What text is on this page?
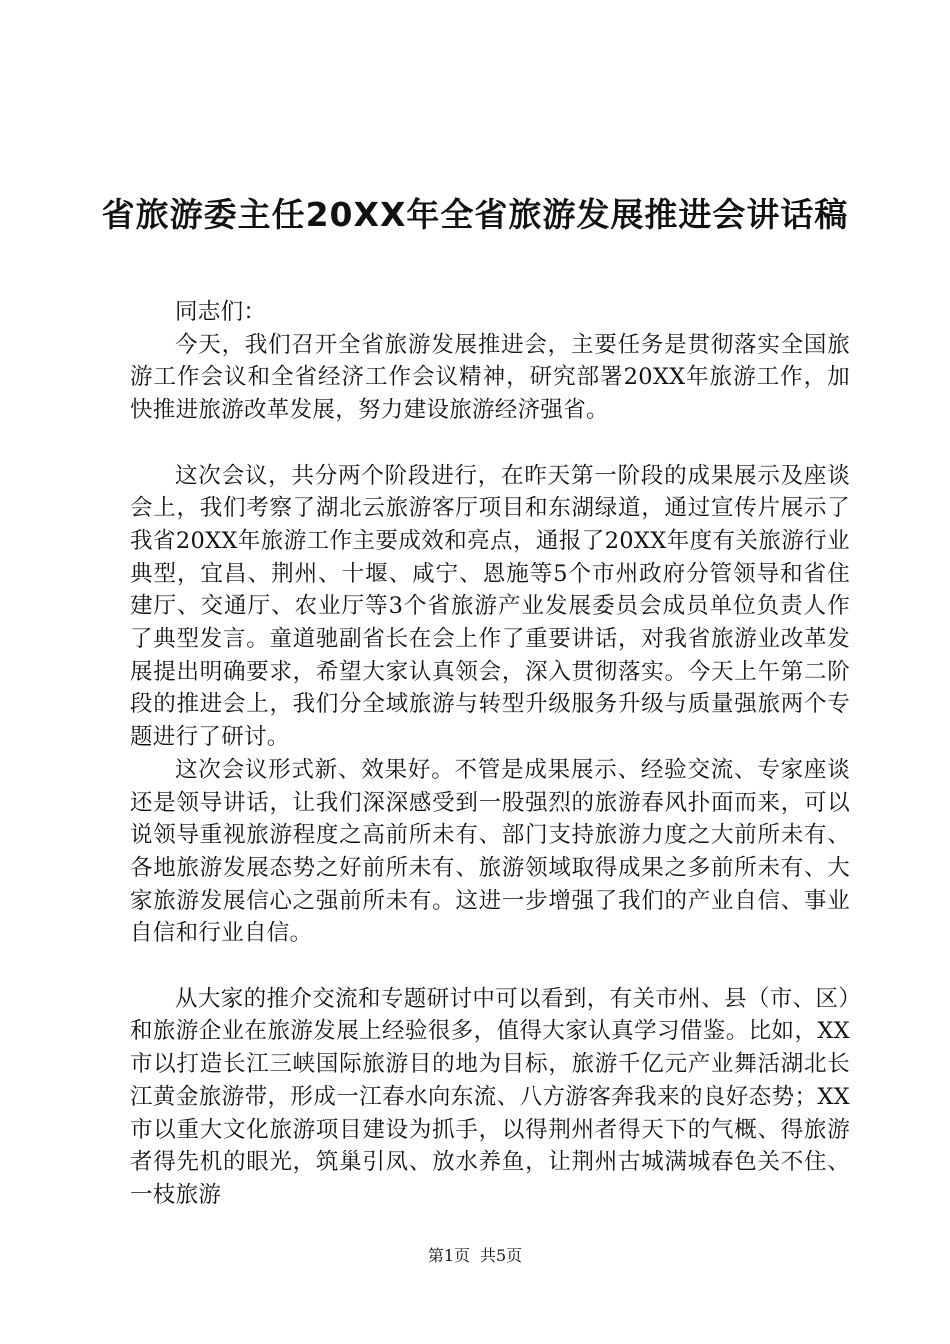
省旅游委主任20XX年全省旅游发展推进会讲话稿

同志们：

今天，我们召开全省旅游发展推进会，主要任务是贯彻落实全国旅游工作会议和全省经济工作会议精神，研究部署20XX年旅游工作，加快推进旅游改革发展，努力建设旅游经济强省。

这次会议，共分两个阶段进行，在昨天第一阶段的成果展示及座谈会上，我们考察了湖北云旅游客厅项目和东湖绿道，通过宣传片展示了我省20XX年旅游工作主要成效和亮点，通报了20XX年度有关旅游行业典型，宜昌、荆州、十堰、咸宁、恩施等5个市州政府分管领导和省住建厅、交通厅、农业厅等3个省旅游产业发展委员会成员单位负责人作了典型发言。童道驰副省长在会上作了重要讲话，对我省旅游业改革发展提出明确要求，希望大家认真领会，深入贯彻落实。今天上午第二阶段的推进会上，我们分全域旅游与转型升级服务升级与质量强旅两个专题进行了研讨。

这次会议形式新、效果好。不管是成果展示、经验交流、专家座谈还是领导讲话，让我们深深感受到一股强烈的旅游春风扑面而来，可以说领导重视旅游程度之高前所未有、部门支持旅游力度之大前所未有、各地旅游发展态势之好前所未有、旅游领域取得成果之多前所未有、大家旅游发展信心之强前所未有。这进一步增强了我们的产业自信、事业自信和行业自信。

从大家的推介交流和专题研讨中可以看到，有关市州、县（市、区）和旅游企业在旅游发展上经验很多，值得大家认真学习借鉴。比如，XX市以打造长江三峡国际旅游目的地为目标，旅游千亿元产业舞活湖北长江黄金旅游带，形成一江春水向东流、八方游客奔我来的良好态势；XX市以重大文化旅游项目建设为抓手，以得荆州者得天下的气概、得旅游者得先机的眼光，筑巢引凤、放水养鱼，让荆州古城满城春色关不住、一枝旅游

第1页 共5页
